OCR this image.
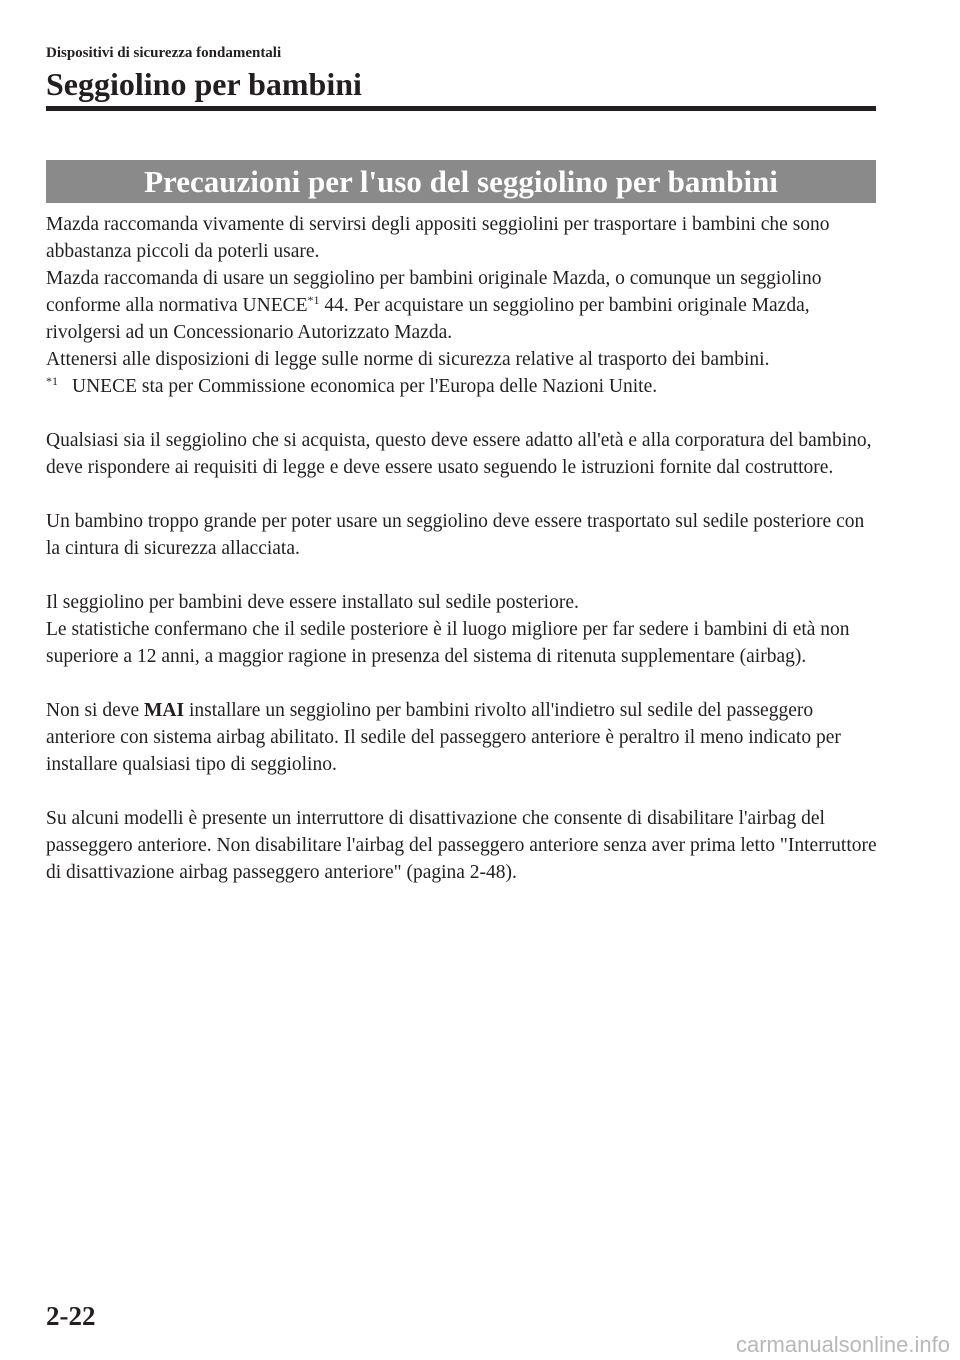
Dispositivi di sicurezza fondamentali
Seggiolino per bambini
Precauzioni per l'uso del seggiolino per bambini

Mazda raccomanda vivamente di servirsi degli appositi seggiolini per trasportare i bambini che sono abbastanza piccoli da poterli usare.

Mazda raccomanda di usare un seggiolino per bambini originale Mazda, o comunque un seggiolino conforme alla normativa UNECE$^{*1}$ 44. Per acquistare un seggiolino per bambini originale Mazda, rivolgersi ad un Concessionario Autorizzato Mazda.

Attenersi alle disposizioni di legge sulle norme di sicurezza relative al trasporto dei bambini.

$^{*1}$ UNECE sta per Commissione economica per l'Europa delle Nazioni Unite.

Qualsiasi sia il seggiolino che si acquista, questo deve essere adatto all'età e alla corporatura del bambino, deve rispondere ai requisiti di legge e deve essere usato seguendo le istruzioni fornite dal costruttore.

Un bambino troppo grande per poter usare un seggiolino deve essere trasportato sul sedile posteriore con la cintura di sicurezza allacciata.

Il seggiolino per bambini deve essere installato sul sedile posteriore.

Le statistiche confermano che il sedile posteriore è il luogo migliore per far sedere i bambini di età non superiore a 12 anni, a maggior ragione in presenza del sistema di ritenuta supplementare (airbag).

Non si deve MAI installare un seggiolino per bambini rivolto all'indietro sul sedile del passeggero anteriore con sistema airbag abilitato. Il sedile del passeggero anteriore è peraltro il meno indicato per installare qualsiasi tipo di seggiolino.

Su alcuni modelli è presente un interruttore di disattivazione che consente di disabilitare l'airbag del passeggero anteriore. Non disabilitare l'airbag del passeggero anteriore senza aver prima letto "Interruttore di disattivazione airbag passeggero anteriore" (pagina 2-48).

2-22
carmanualsonline.info
